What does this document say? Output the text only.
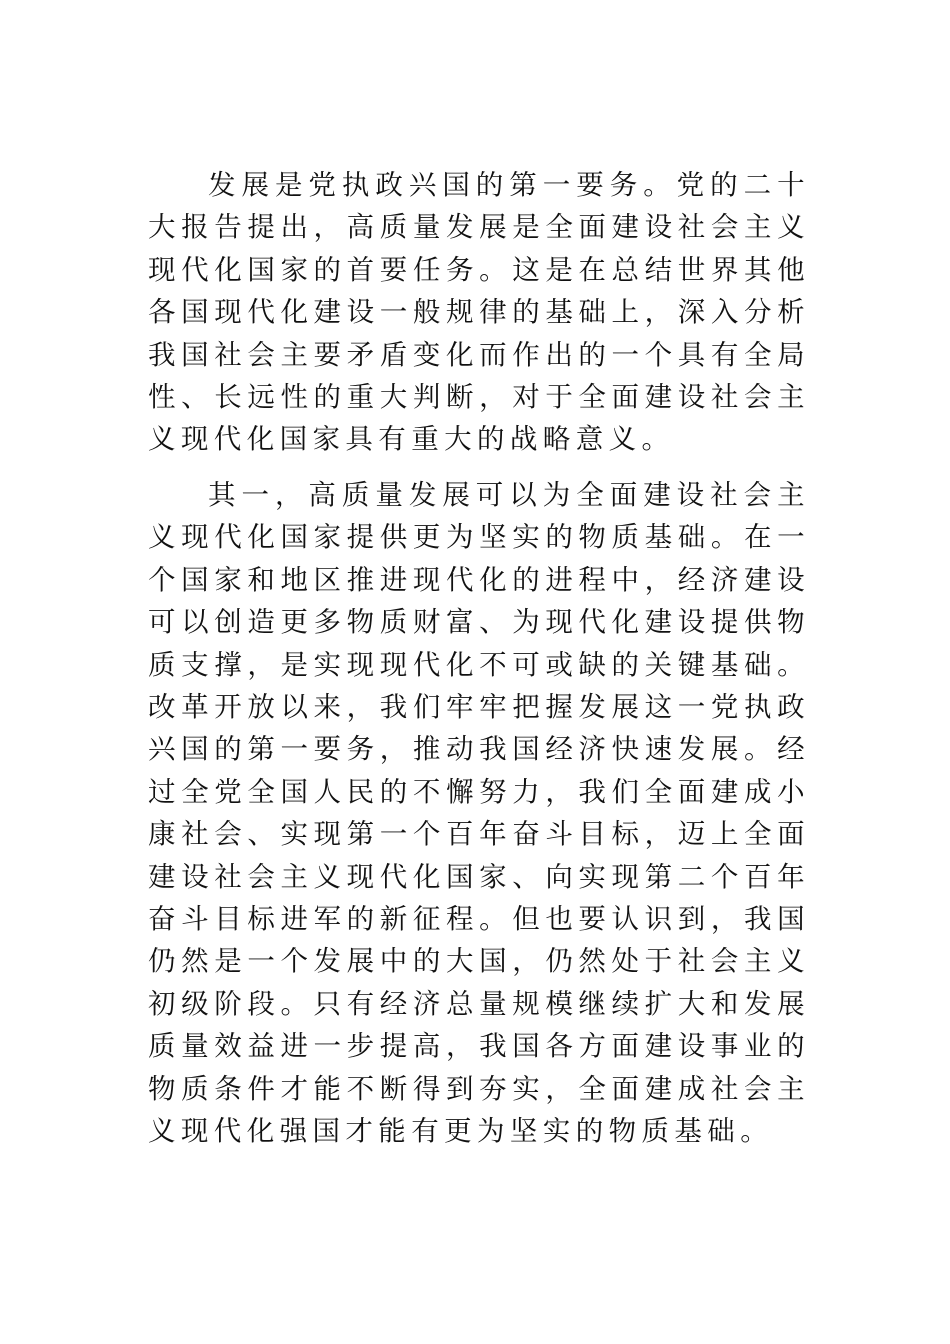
发展是党执政兴国的第一要务。党的二十大报告提出，高质量发展是全面建设社会主义现代化国家的首要任务。这是在总结世界其他各国现代化建设一般规律的基础上，深入分析我国社会主要矛盾变化而作出的一个具有全局性、长远性的重大判断，对于全面建设社会主义现代化国家具有重大的战略意义。

其一，高质量发展可以为全面建设社会主义现代化国家提供更为坚实的物质基础。在一个国家和地区推进现代化的进程中，经济建设可以创造更多物质财富、为现代化建设提供物质支撑，是实现现代化不可或缺的关键基础。改革开放以来，我们牢牢把握发展这一党执政兴国的第一要务，推动我国经济快速发展。经过全党全国人民的不懈努力，我们全面建成小康社会、实现第一个百年奋斗目标，迈上全面建设社会主义现代化国家、向实现第二个百年奋斗目标进军的新征程。但也要认识到，我国仍然是一个发展中的大国，仍然处于社会主义初级阶段。只有经济总量规模继续扩大和发展质量效益进一步提高，我国各方面建设事业的物质条件才能不断得到夯实，全面建成社会主义现代化强国才能有更为坚实的物质基础。
